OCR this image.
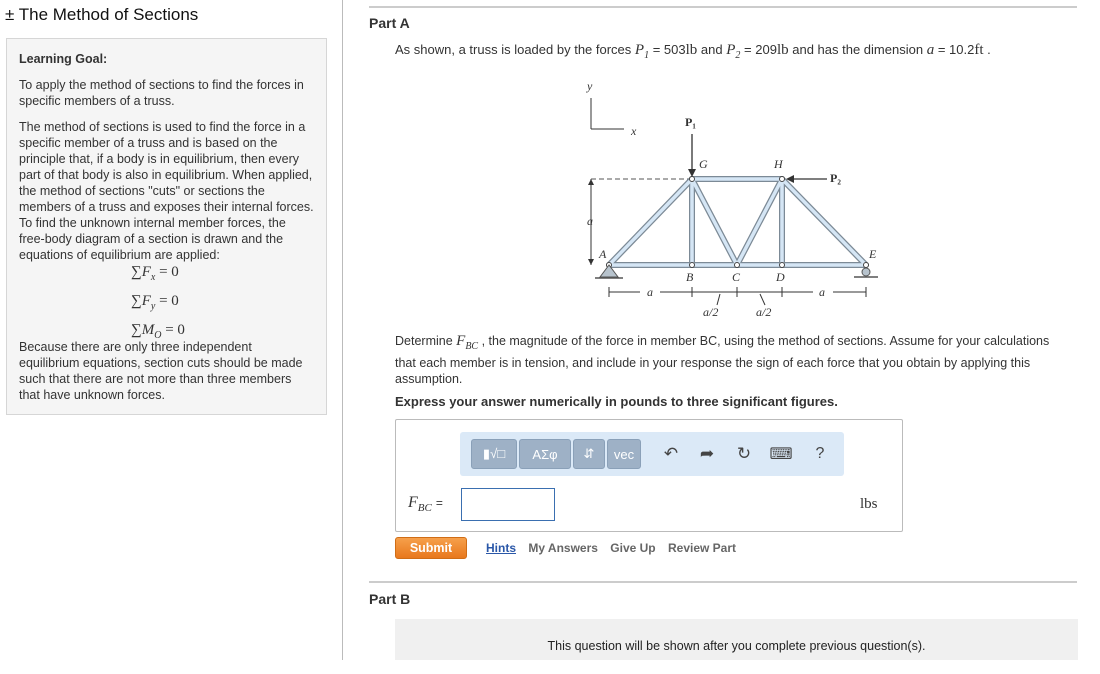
± The Method of Sections
Learning Goal:

To apply the method of sections to find the forces in specific members of a truss.

The method of sections is used to find the force in a specific member of a truss and is based on the principle that, if a body is in equilibrium, then every part of that body is also in equilibrium. When applied, the method of sections "cuts" or sections the members of a truss and exposes their internal forces. To find the unknown internal member forces, the free-body diagram of a section is drawn and the equations of equilibrium are applied:

$\sum F_x = 0$
$\sum F_y = 0$
$\sum M_O = 0$

Because there are only three independent equilibrium equations, section cuts should be made such that there are not more than three members that have unknown forces.

Part A
As shown, a truss is loaded by the forces $P_1 = 503lb$ and $P_2 = 209lb$ and has the dimension a = 10.2ft .
y
x
a
P₁
P₂
G	H
A
B	C	D
E
a	a
a/2	a/2
Determine $F_{BC}$ , the magnitude of the force in member BC, using the method of sections. Assume for your calculations that each member is in tension, and include in your response the sign of each force that you obtain by applying this assumption.
Express your answer numerically in pounds to three significant figures.
▮√□ ΑΣφ ⇵ vec ↶ ➦ ↻	⌨	?
$F_{BC}$ =	lbs
Submit	Hints My Answers Give Up Review Part
Part B
This question will be shown after you complete previous question(s).
